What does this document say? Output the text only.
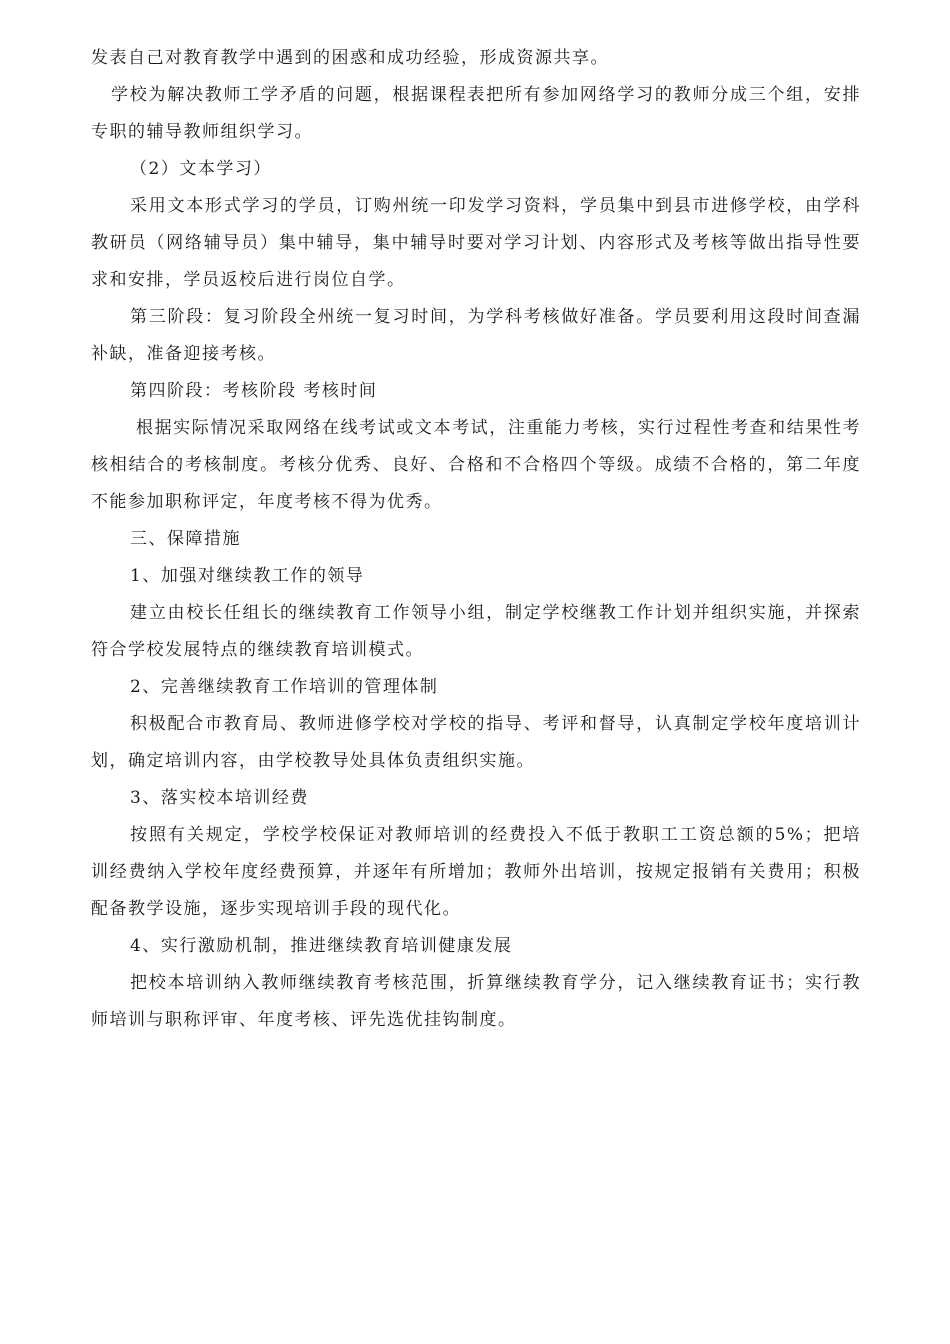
发表自己对教育教学中遇到的困惑和成功经验，形成资源共享。

学校为解决教师工学矛盾的问题，根据课程表把所有参加网络学习的教师分成三个组，安排专职的辅导教师组织学习。

（2）文本学习）

采用文本形式学习的学员，订购州统一印发学习资料，学员集中到县市进修学校，由学科教研员（网络辅导员）集中辅导，集中辅导时要对学习计划、内容形式及考核等做出指导性要求和安排，学员返校后进行岗位自学。

第三阶段：复习阶段全州统一复习时间，为学科考核做好准备。学员要利用这段时间查漏补缺，准备迎接考核。

第四阶段：考核阶段 考核时间

根据实际情况采取网络在线考试或文本考试，注重能力考核，实行过程性考查和结果性考核相结合的考核制度。考核分优秀、良好、合格和不合格四个等级。成绩不合格的，第二年度不能参加职称评定，年度考核不得为优秀。

三、保障措施

1、加强对继续教工作的领导

建立由校长任组长的继续教育工作领导小组，制定学校继教工作计划并组织实施，并探索符合学校发展特点的继续教育培训模式。

2、完善继续教育工作培训的管理体制

积极配合市教育局、教师进修学校对学校的指导、考评和督导，认真制定学校年度培训计划，确定培训内容，由学校教导处具体负责组织实施。

3、落实校本培训经费

按照有关规定，学校学校保证对教师培训的经费投入不低于教职工工资总额的5%；把培训经费纳入学校年度经费预算，并逐年有所增加；教师外出培训，按规定报销有关费用；积极配备教学设施，逐步实现培训手段的现代化。

4、实行激励机制，推进继续教育培训健康发展

把校本培训纳入教师继续教育考核范围，折算继续教育学分，记入继续教育证书；实行教师培训与职称评审、年度考核、评先选优挂钩制度。
